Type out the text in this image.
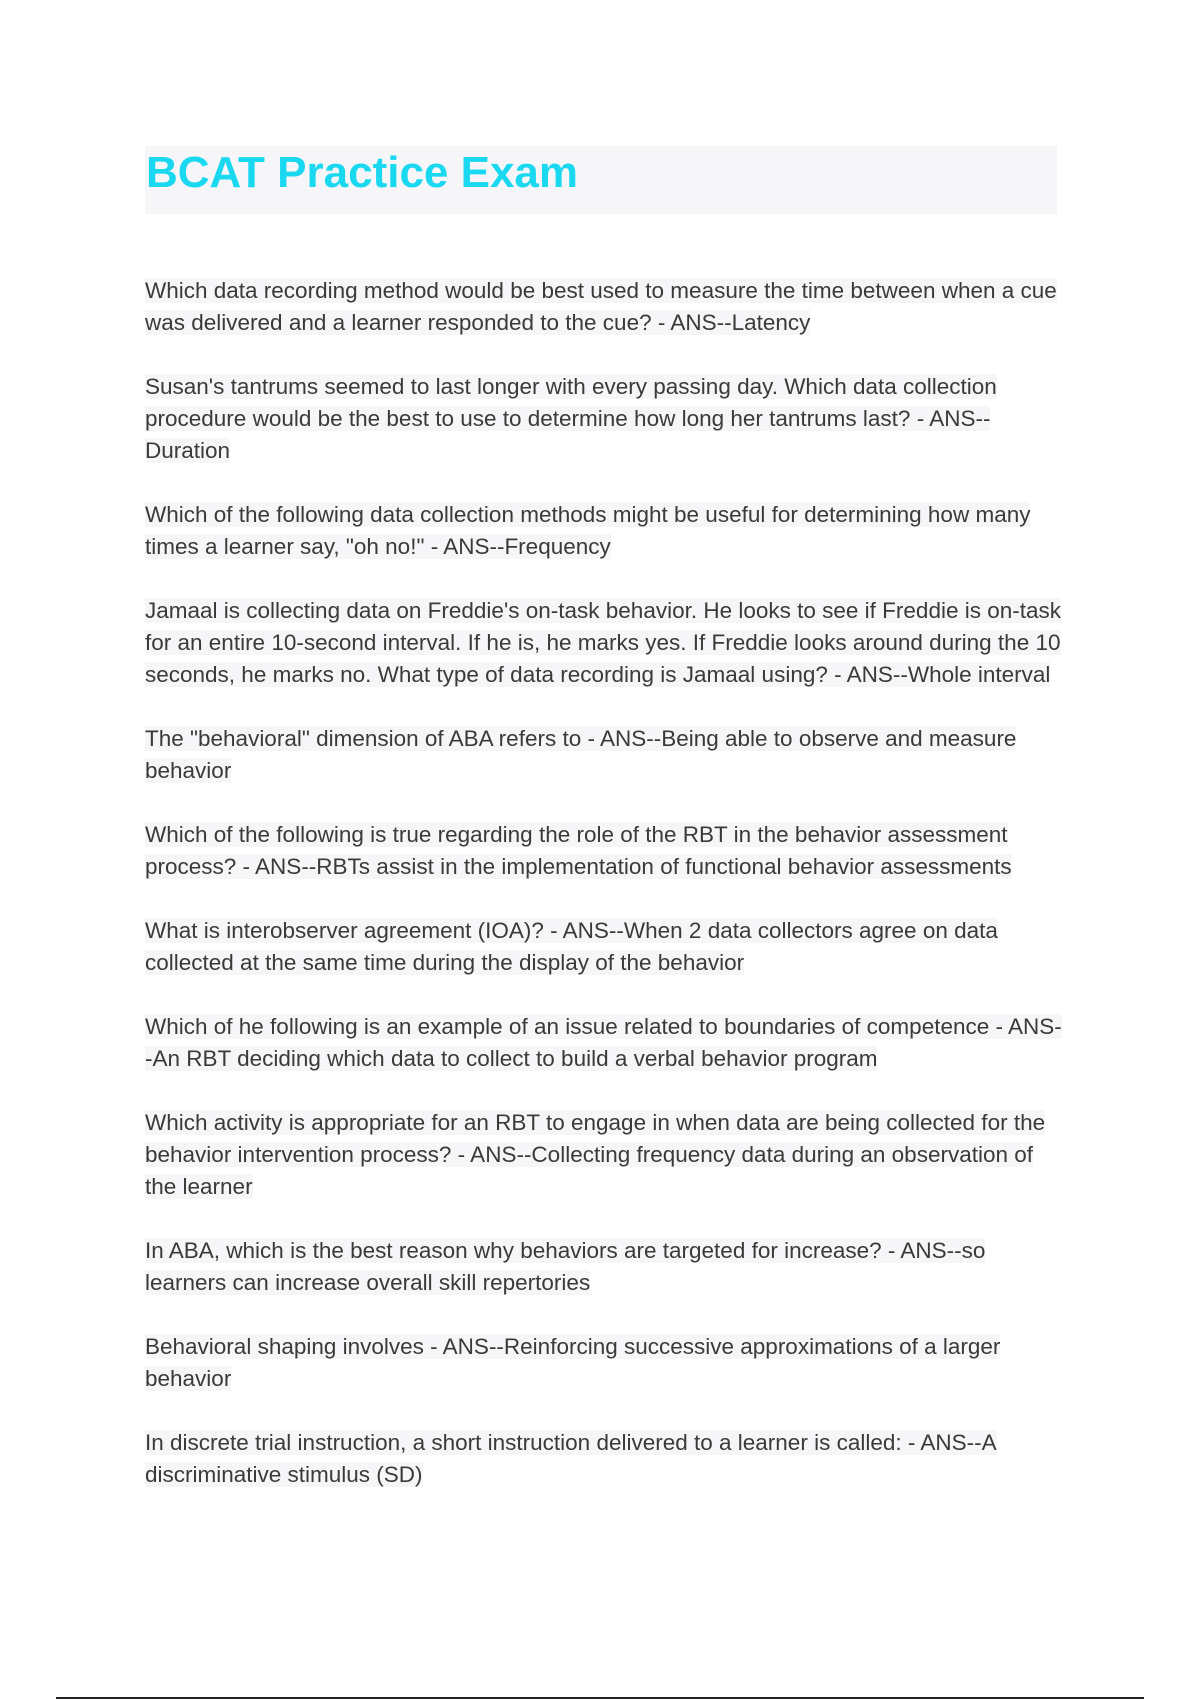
BCAT Practice Exam

Which data recording method would be best used to measure the time between when a cue was delivered and a learner responded to the cue? - ANS--Latency

Susan's tantrums seemed to last longer with every passing day. Which data collection procedure would be the best to use to determine how long her tantrums last? - ANS--Duration

Which of the following data collection methods might be useful for determining how many times a learner say, "oh no!" - ANS--Frequency

Jamaal is collecting data on Freddie's on-task behavior. He looks to see if Freddie is on-task for an entire 10-second interval. If he is, he marks yes. If Freddie looks around during the 10 seconds, he marks no. What type of data recording is Jamaal using? - ANS--Whole interval

The "behavioral" dimension of ABA refers to - ANS--Being able to observe and measure behavior

Which of the following is true regarding the role of the RBT in the behavior assessment process? - ANS--RBTs assist in the implementation of functional behavior assessments

What is interobserver agreement (IOA)? - ANS--When 2 data collectors agree on data collected at the same time during the display of the behavior

Which of he following is an example of an issue related to boundaries of competence - ANS--An RBT deciding which data to collect to build a verbal behavior program

Which activity is appropriate for an RBT to engage in when data are being collected for the behavior intervention process? - ANS--Collecting frequency data during an observation of the learner

In ABA, which is the best reason why behaviors are targeted for increase? - ANS--so learners can increase overall skill repertories

Behavioral shaping involves - ANS--Reinforcing successive approximations of a larger behavior

In discrete trial instruction, a short instruction delivered to a learner is called: - ANS--A discriminative stimulus (SD)
